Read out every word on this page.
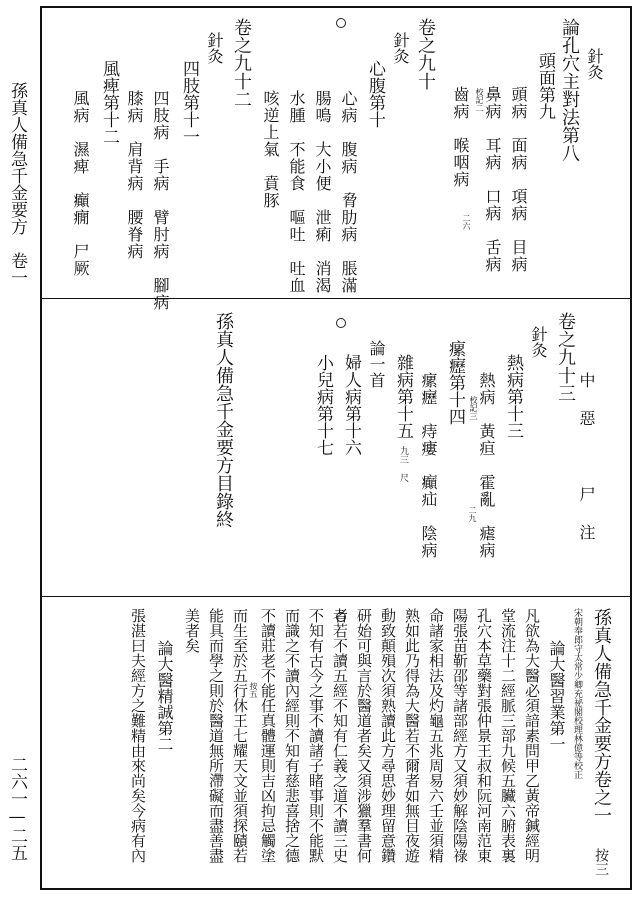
孫真人備急千金要方　卷一
二六一—二五
針灸
論孔穴主對法第八
頭面第九
頭病　面病　項病　目病
鼻病　耳病　口病　舌病
校記二
二六
齒病　喉咽病
卷之九十
針灸
心腹第十
心病　腹病　脅肋病　脹滿
腸鳴　大小便　泄痢　消渴
水腫　不能食　嘔吐　吐血
咳逆上氣　賁豚
卷之九十二
針灸
四肢第十一
四肢病　手病　臂肘病　腳病
膝病　肩背病　腰脊病
風痺第十二
風病　濕痺　癲癇　尸厥
卷之九十三
針灸
熱病第十三
熱病　黃疸　霍亂　瘧病
校記三
二九
瘰癧第十四
瘰癧　痔瘻　癲疝　陰病
雜病第十五
九三　尺
論一首
婦人病第十六
小兒病第十七
孫真人備急千金要方目錄終	中惡　尸注
孫真人備急千金要方卷之一
按三
宋朝奉郎守太常少卿充祕閣校理林億等校正
論大醫習業第一
凡欲為大醫必須諳素問甲乙黃帝鍼經明
堂流注十二經脈三部九候五臟六腑表裏
孔穴本草藥對張仲景王叔和阮河南范東
陽張苗靳邵等諸部經方又須妙解陰陽祿
命諸家相法及灼龜五兆周易六壬並須精
熟如此乃得為大醫若不爾者如無目夜遊
動致顛殞次須熟讀此方尋思妙理留意鑽
研始可與言於醫道者矣又須涉獵羣書何
者若不讀五經不知有仁義之道不讀三史
不知有古今之事不讀諸子睹事則不能默
而識之不讀內經則不知有慈悲喜捨之德
不讀莊老不能任真體運則吉凶拘忌觸塗
按五
而生至於五行休王七耀天文並須探賾若
能具而學之則於醫道無所滯礙而盡善盡
美者矣
論大醫精誠第二
張湛曰夫經方之難精由來尚矣今病有內
